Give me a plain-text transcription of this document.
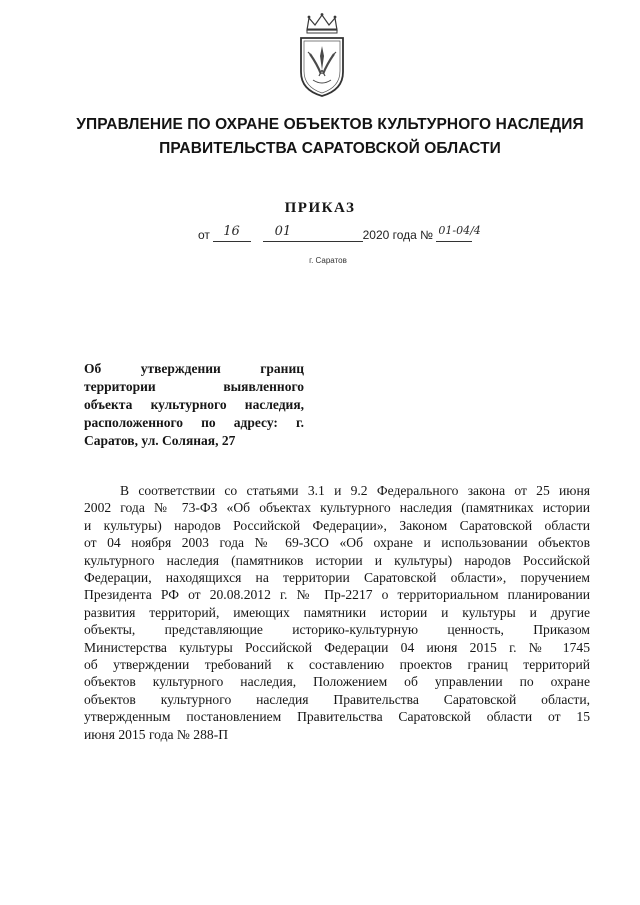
УПРАВЛЕНИЕ ПО ОХРАНЕ ОБЪЕКТОВ КУЛЬТУРНОГО НАСЛЕДИЯ
ПРАВИТЕЛЬСТВА САРАТОВСКОЙ ОБЛАСТИ
ПРИКАЗ
от 16
	01	2020 года № 01-04/4
г. Саратов
Об утверждении границ
территории выявленного
объекта культурного наследия,
расположенного по адресу: г.
Саратов, ул. Соляная, 27
В соответствии со статьями 3.1 и 9.2 Федерального закона от 25 июня
2002 года № 73-ФЗ «Об объектах культурного наследия (памятниках истории
и культуры) народов Российской Федерации», Законом Саратовской области
от 04 ноября 2003 года № 69-ЗСО «Об охране и использовании объектов
культурного наследия (памятников истории и культуры) народов Российской
Федерации, находящихся на территории Саратовской области», поручением
Президента РФ от 20.08.2012 г. № Пр-2217 о территориальном планировании
развития территорий, имеющих памятники истории и культуры и другие
объекты, представляющие историко-культурную ценность, Приказом
Министерства культуры Российской Федерации 04 июня 2015 г. № 1745
об утверждении требований к составлению проектов границ территорий
объектов культурного наследия, Положением об управлении по охране
объектов культурного наследия Правительства Саратовской области,
утвержденным постановлением Правительства Саратовской области от 15
июня 2015 года № 288-П
